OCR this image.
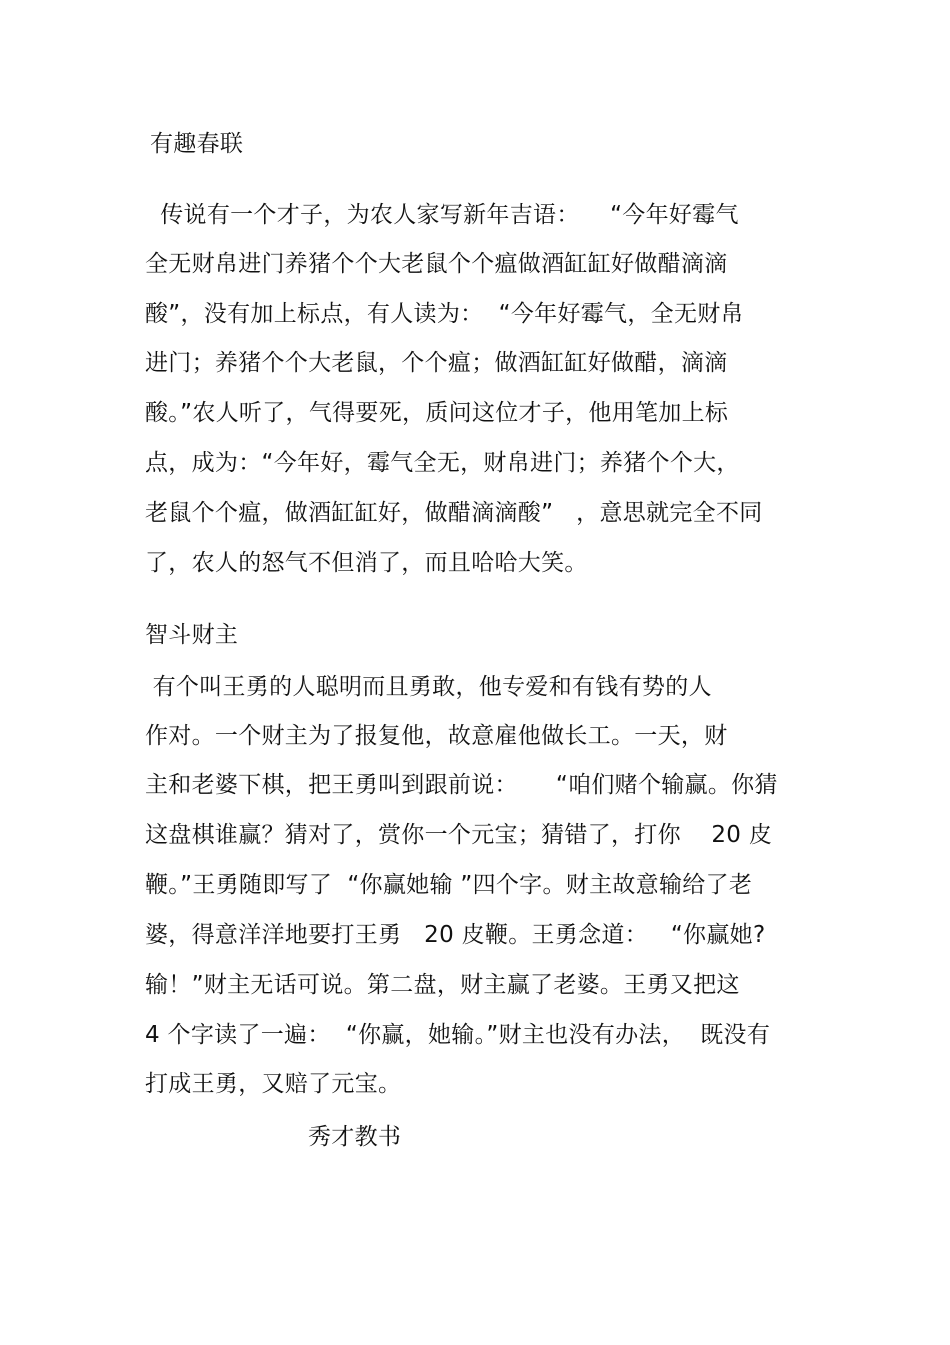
有趣春联
传说有一个才子，为农人家写新年吉语：    “今年好霉气
全无财帛进门养猪个个大老鼠个个瘟做酒缸缸好做醋滴滴
酸”，没有加上标点，有人读为：  “今年好霉气，全无财帛
进门；养猪个个大老鼠，个个瘟；做酒缸缸好做醋，滴滴
酸。”农人听了，气得要死，质问这位才子，他用笔加上标
点，成为：“今年好，霉气全无，财帛进门；养猪个个大，
老鼠个个瘟，做酒缸缸好，做醋滴滴酸”   ，意思就完全不同
了，农人的怒气不但消了，而且哈哈大笑。
智斗财主
有个叫王勇的人聪明而且勇敢，他专爱和有钱有势的人
作对。一个财主为了报复他，故意雇他做长工。一天，财
主和老婆下棋，把王勇叫到跟前说：     “咱们赌个输赢。你猜
这盘棋谁赢？猜对了，赏你一个元宝；猜错了，打你    20 皮
鞭。”王勇随即写了  “你赢她输 ”四个字。财主故意输给了老
婆，得意洋洋地要打王勇   20 皮鞭。王勇念道：   “你赢她?
输！”财主无话可说。第二盘，财主赢了老婆。王勇又把这
4 个字读了一遍：  “你赢，她输。”财主也没有办法，  既没有
打成王勇，又赔了元宝。
秀才教书
